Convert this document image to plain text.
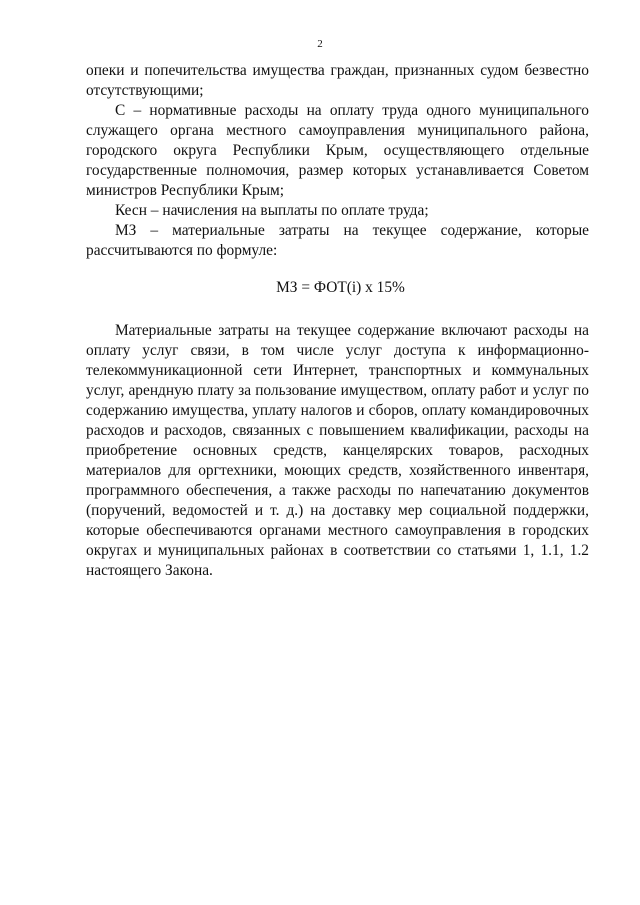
2

опеки и попечительства имущества граждан, признанных судом безвестно отсутствующими;

С – нормативные расходы на оплату труда одного муниципального служащего органа местного самоуправления муниципального района, городского округа Республики Крым, осуществляющего отдельные государственные полномочия, размер которых устанавливается Советом министров Республики Крым;

Кесн – начисления на выплаты по оплате труда;

МЗ – материальные затраты на текущее содержание, которые рассчитываются по формуле:

МЗ = ФОТ(i) х 15%

Материальные затраты на текущее содержание включают расходы на оплату услуг связи, в том числе услуг доступа к информационно-телекоммуникационной сети Интернет, транспортных и коммунальных услуг, арендную плату за пользование имуществом, оплату работ и услуг по содержанию имущества, уплату налогов и сборов, оплату командировочных расходов и расходов, связанных с повышением квалификации, расходы на приобретение основных средств, канцелярских товаров, расходных материалов для оргтехники, моющих средств, хозяйственного инвентаря, программного обеспечения, а также расходы по напечатанию документов (поручений, ведомостей и т. д.) на доставку мер социальной поддержки, которые обеспечиваются органами местного самоуправления в городских округах и муниципальных районах в соответствии со статьями 1, 1.1, 1.2 настоящего Закона.
